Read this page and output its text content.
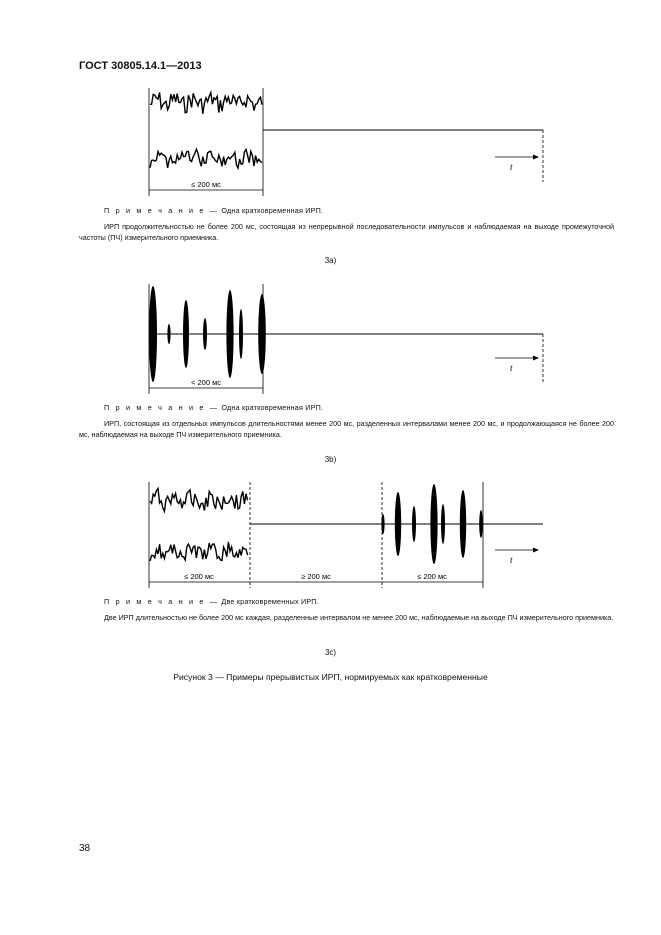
ГОСТ 30805.14.1—2013
t
≤ 200 мс
П р и м е ч а н и е — Одна кратковременная ИРП.
ИРП продолжительностью не более 200 мс, состоящая из непрерывной последовательности импульсов и наблюдаемая на выходе промежуточной частоты (ПЧ) измерительного приемника.
3a)
t
< 200 мс
П р и м е ч а н и е — Одна кратковременная ИРП.
ИРП, состоящая из отдельных импульсов длительностями менее 200 мс, разделенных интервалами менее 200 мс, и продолжающаяся не более 200 мс, наблюдаемая на выходе ПЧ измерительного приемника.
3b)
t
≤ 200 мс	≥ 200 мс	≤ 200 мс
П р и м е ч а н и е — Две кратковременных ИРП.
Две ИРП длительностью не более 200 мс каждая, разделенные интервалом не менее 200 мс, наблюдаемые на выходе ПЧ измерительного приемника.
3c)
Рисунок 3 — Примеры прерывистых ИРП, нормируемых как кратковременные
38
